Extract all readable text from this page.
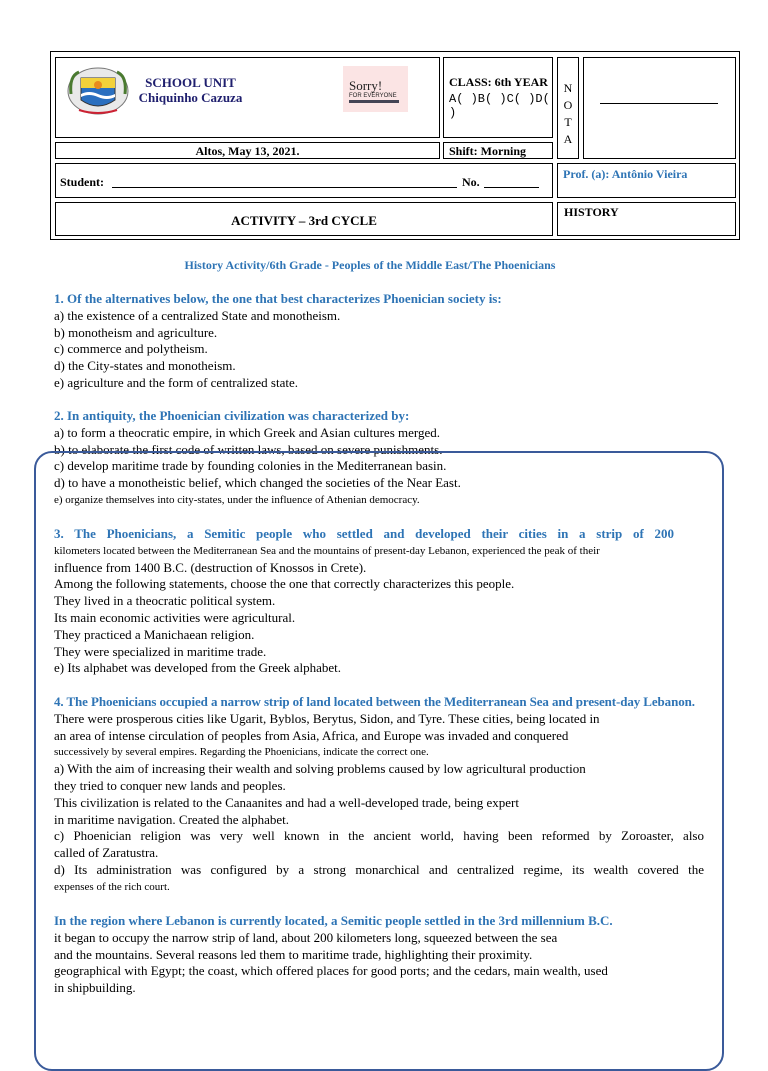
SCHOOL UNIT
Chiquinho Cazuza
Sorry!
FOR EVERYONE
CLASS: 6th YEAR
A( )B( )C( )D( )
N
O
T
A
Altos, May 13, 2021.	Shift: Morning
Student:	No.
Prof. (a): Antônio Vieira
ACTIVITY – 3rd CYCLE
HISTORY
History Activity/6th Grade - Peoples of the Middle East/The Phoenicians
1. Of the alternatives below, the one that best characterizes Phoenician society is:
a) the existence of a centralized State and monotheism.
b) monotheism and agriculture.
c) commerce and polytheism.
d) the City-states and monotheism.
e) agriculture and the form of centralized state.
2. In antiquity, the Phoenician civilization was characterized by:
a) to form a theocratic empire, in which Greek and Asian cultures merged.
b) to elaborate the first code of written laws, based on severe punishments.
c) develop maritime trade by founding colonies in the Mediterranean basin.
d) to have a monotheistic belief, which changed the societies of the Near East.
e) organize themselves into city-states, under the influence of Athenian democracy.
3. The Phoenicians, a Semitic people who settled and developed their cities in a strip of 200
kilometers located between the Mediterranean Sea and the mountains of present-day Lebanon, experienced the peak of their
influence from 1400 B.C. (destruction of Knossos in Crete).
Among the following statements, choose the one that correctly characterizes this people.
They lived in a theocratic political system.
Its main economic activities were agricultural.
They practiced a Manichaean religion.
They were specialized in maritime trade.
e) Its alphabet was developed from the Greek alphabet.
4. The Phoenicians occupied a narrow strip of land located between the Mediterranean Sea and present-day Lebanon.
There were prosperous cities like Ugarit, Byblos, Berytus, Sidon, and Tyre. These cities, being located in
an area of intense circulation of peoples from Asia, Africa, and Europe was invaded and conquered
successively by several empires. Regarding the Phoenicians, indicate the correct one.
a) With the aim of increasing their wealth and solving problems caused by low agricultural production
they tried to conquer new lands and peoples.
This civilization is related to the Canaanites and had a well-developed trade, being expert
in maritime navigation. Created the alphabet.
c) Phoenician religion was very well known in the ancient world, having been reformed by Zoroaster, also
called of Zaratustra.
d) Its administration was configured by a strong monarchical and centralized regime, its wealth covered the
expenses of the rich court.
In the region where Lebanon is currently located, a Semitic people settled in the 3rd millennium B.C.
it began to occupy the narrow strip of land, about 200 kilometers long, squeezed between the sea
and the mountains. Several reasons led them to maritime trade, highlighting their proximity.
geographical with Egypt; the coast, which offered places for good ports; and the cedars, main wealth, used
in shipbuilding.
